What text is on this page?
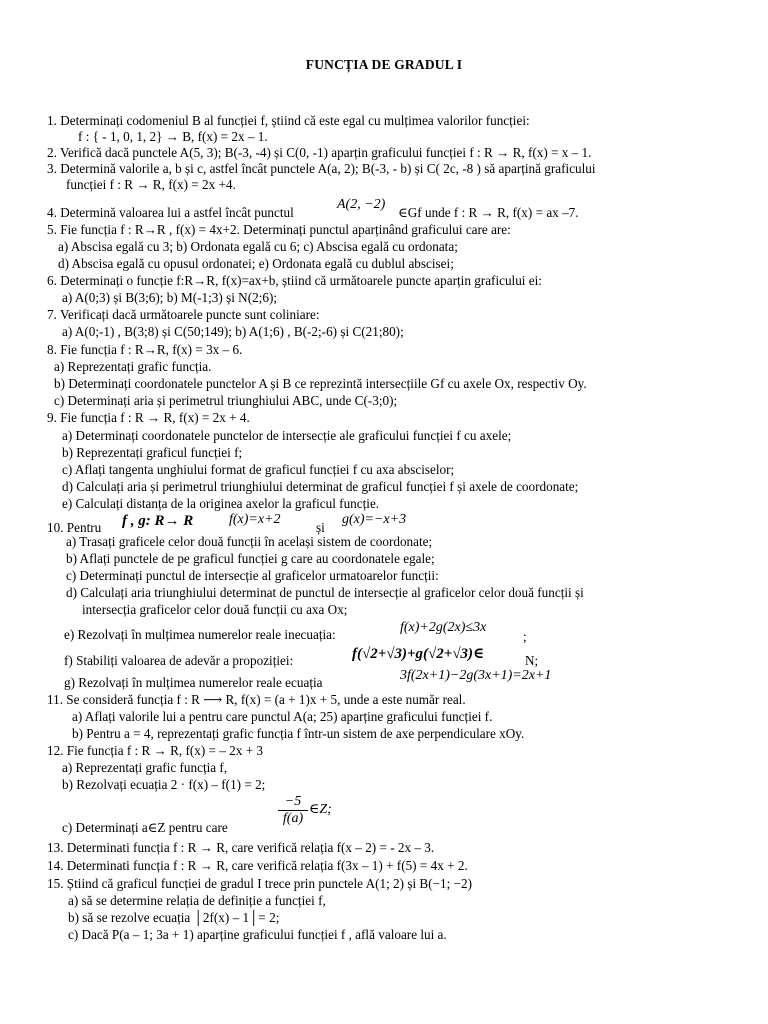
FUNCȚIA DE GRADUL I
1. Determinați codomeniul B al funcției f, știind că este egal cu mulțimea valorilor funcției:
f : { - 1, 0, 1, 2} → B, f(x) = 2x – 1.
2. Verifică dacă punctele A(5, 3); B(-3, -4) și C(0, -1) aparțin graficului funcției f : R → R, f(x) = x – 1.
3. Determină valorile a, b și c, astfel încât punctele A(a, 2); B(-3, - b) și C( 2c, -8 ) să aparțină graficului
funcției f : R → R, f(x) = 2x +4.
4. Determină valoarea lui a astfel încât punctul
A(2, −2)
∈Gf unde f : R → R, f(x) = ax –7.
5. Fie funcția f : R→R , f(x) = 4x+2. Determinați punctul aparținând graficului care are:
a) Abscisa egală cu 3; b) Ordonata egală cu 6; c) Abscisa egală cu ordonata;
d) Abscisa egală cu opusul ordonatei; e) Ordonata egală cu dublul abscisei;
6. Determinați o funcție f:R→R, f(x)=ax+b, știind că următoarele puncte aparțin graficului ei:
a) A(0;3) și B(3;6); b) M(-1;3) și N(2;6);
7. Verificați dacă următoarele puncte sunt coliniare:
a) A(0;-1) , B(3;8) și C(50;149); b) A(1;6) , B(-2;-6) și C(21;80);
8. Fie funcția f : R→R, f(x) = 3x – 6.
a) Reprezentați grafic funcția.
b) Determinați coordonatele punctelor A și B ce reprezintă intersecțiile Gf cu axele Ox, respectiv Oy.
c) Determinați aria și perimetrul triunghiului ABC, unde C(-3;0);
9. Fie funcția f : R → R, f(x) = 2x + 4.
a) Determinați coordonatele punctelor de intersecție ale graficului funcției f cu axele;
b) Reprezentați graficul funcției f;
c) Aflați tangenta unghiului format de graficul funcției f cu axa absciselor;
d) Calculați aria și perimetrul triunghiului determinat de graficul funcției f și axele de coordonate;
e) Calculați distanța de la originea axelor la graficul funcție.
10. Pentru f , g: R→ R	f(x)=x+2
și
g(x)=−x+3
a) Trasați graficele celor două funcții în același sistem de coordonate;
b) Aflați punctele de pe graficul funcției g care au coordonatele egale;
c) Determinați punctul de intersecție al graficelor urmatoarelor funcții:
d) Calculați aria triunghiului determinat de punctul de intersecție al graficelor celor două funcții și
intersecția graficelor celor două funcții cu axa Ox;
e) Rezolvați în mulțimea numerelor reale inecuația:	f(x)+2g(2x)≤3x
;
f) Stabiliți valoarea de adevăr a propoziției:	f(√2+√3)+g(√2+√3)∈	N;
g) Rezolvați în mulțimea numerelor reale ecuația	3f(2x+1)−2g(3x+1)=2x+1
11. Se consideră funcția f : R ⟶ R, f(x) = (a + 1)x + 5, unde a este număr real.
a) Aflați valorile lui a pentru care punctul A(a; 25) aparține graficului funcției f.
b) Pentru a = 4, reprezentați grafic funcția f într-un sistem de axe perpendiculare xOy.
12. Fie funcția f : R → R, f(x) = – 2x + 3
a) Reprezentați grafic funcția f,
b) Rezolvați ecuația 2 · f(x) – f(1) = 2;
$\frac{-5}{f(a)}$ ∈Z;
c) Determinați a∈Z pentru care
13. Determinati funcția f : R → R, care verifică relația f(x – 2) = - 2x – 3.
14. Determinati funcția f : R → R, care verifică relația f(3x – 1) + f(5) = 4x + 2.
15. Știind că graficul funcției de gradul I trece prin punctele A(1; 2) și B(−1; −2)
a) să se determine relația de definiție a funcției f,
b) să se rezolve ecuația │2f(x) – 1│= 2;
c) Dacă P(a – 1; 3a + 1) aparține graficului funcției f , află valoare lui a.
